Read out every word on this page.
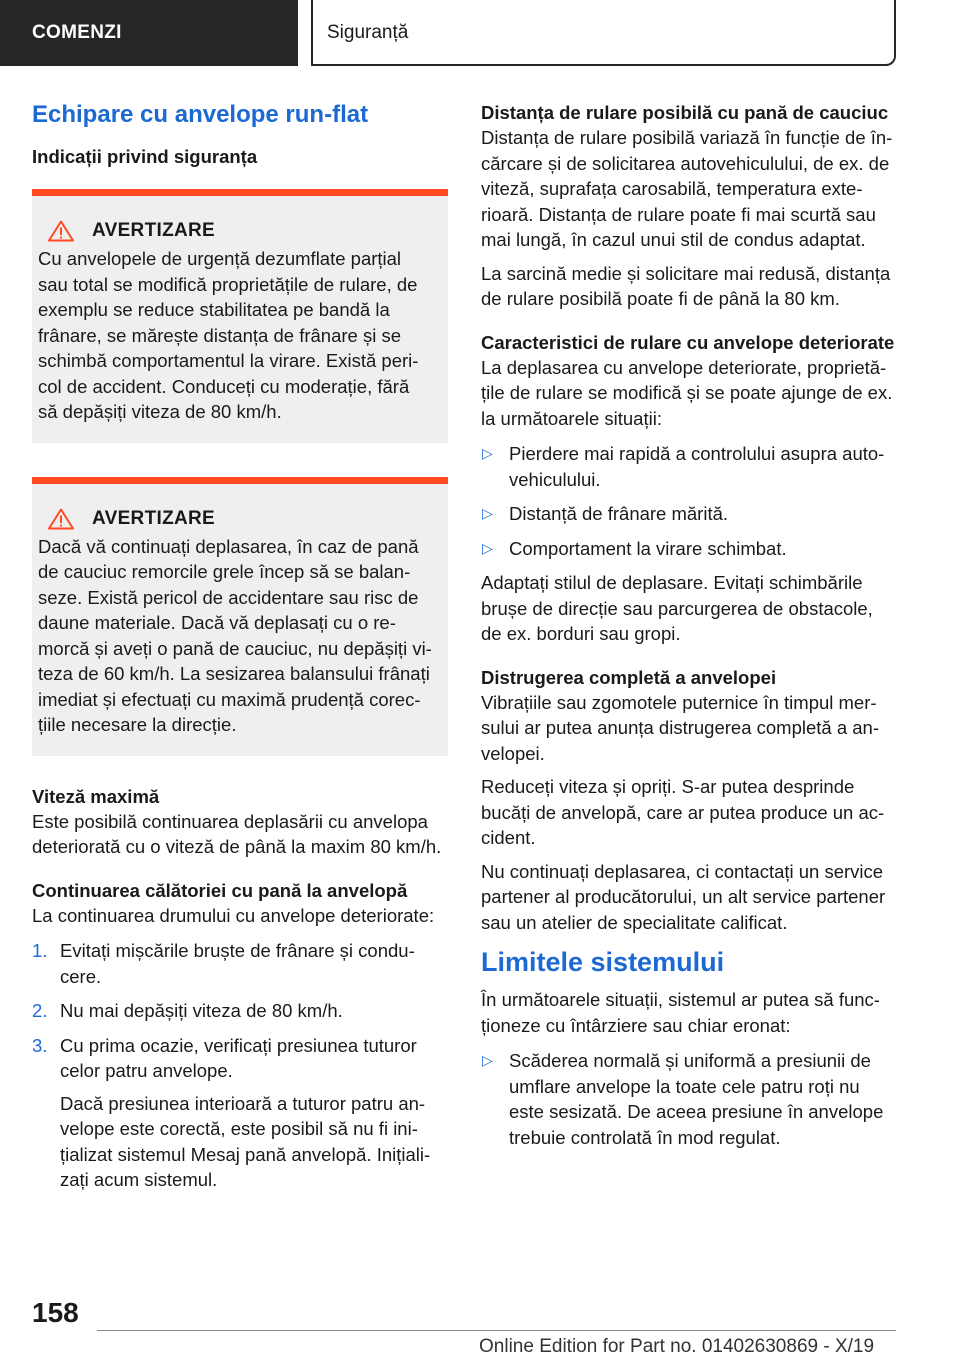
COMENZI	Siguranță
Echipare cu anvelope run-flat
Indicații privind siguranța
AVERTIZARE
Cu anvelopele de urgență dezumflate parțial sau total se modifică proprietățile de rulare, de exemplu se reduce stabilitatea pe bandă la frânare, se mărește distanța de frânare și se schimbă comportamentul la virare. Există peri-col de accident. Conduceți cu moderație, fără să depășiți viteza de 80 km/h.
AVERTIZARE
Dacă vă continuați deplasarea, în caz de pană de cauciuc remorcile grele încep să se balan-seze. Există pericol de accidentare sau risc de daune materiale. Dacă vă deplasați cu o re-morcă și aveți o pană de cauciuc, nu depășiți vi-teza de 60 km/h. La sesizarea balansului frânați imediat și efectuați cu maximă prudență corec-țiile necesare la direcție.
Viteză maximă
Este posibilă continuarea deplasării cu anvelopa deteriorată cu o viteză de până la maxim 80 km/h.
Continuarea călătoriei cu pană la anvelopă
La continuarea drumului cu anvelope deteriorate:
1. Evitați mișcările bruște de frânare și condu-cere.
2. Nu mai depășiți viteza de 80 km/h.
3. Cu prima ocazie, verificați presiunea tuturor celor patru anvelope.
Dacă presiunea interioară a tuturor patru an-velope este corectă, este posibil să nu fi ini-țializat sistemul Mesaj pană anvelopă. Inițiali-zați acum sistemul.
Distanța de rulare posibilă cu pană de cauciuc
Distanța de rulare posibilă variază în funcție de în-cărcare și de solicitarea autovehiculului, de ex. de viteză, suprafața carosabilă, temperatura exte-rioară. Distanța de rulare poate fi mai scurtă sau mai lungă, în cazul unui stil de condus adaptat.
La sarcină medie și solicitare mai redusă, distanța de rulare posibilă poate fi de până la 80 km.
Caracteristici de rulare cu anvelope deteriorate
La deplasarea cu anvelope deteriorate, proprietă-țile de rulare se modifică și se poate ajunge de ex. la următoarele situații:
▷ Pierdere mai rapidă a controlului asupra auto-vehiculului.
▷ Distanță de frânare mărită.
▷ Comportament la virare schimbat.
Adaptați stilul de deplasare. Evitați schimbările brușe de direcție sau parcurgerea de obstacole, de ex. borduri sau gropi.
Distrugerea completă a anvelopei
Vibrațiile sau zgomotele puternice în timpul mer-sului ar putea anunța distrugerea completă a an-velopei.
Reduceți viteza și opriți. S-ar putea desprinde bucăți de anvelopă, care ar putea produce un ac-cident.
Nu continuați deplasarea, ci contactați un service partener al producătorului, un alt service partener sau un atelier de specialitate calificat.
Limitele sistemului
În următoarele situații, sistemul ar putea să func-ționeze cu întârziere sau chiar eronat:
▷ Scăderea normală și uniformă a presiunii de umflare anvelope la toate cele patru roți nu este sesizată. De aceea presiune în anvelope trebuie controlată în mod regulat.
158
Online Edition for Part no. 01402630869 - X/19
